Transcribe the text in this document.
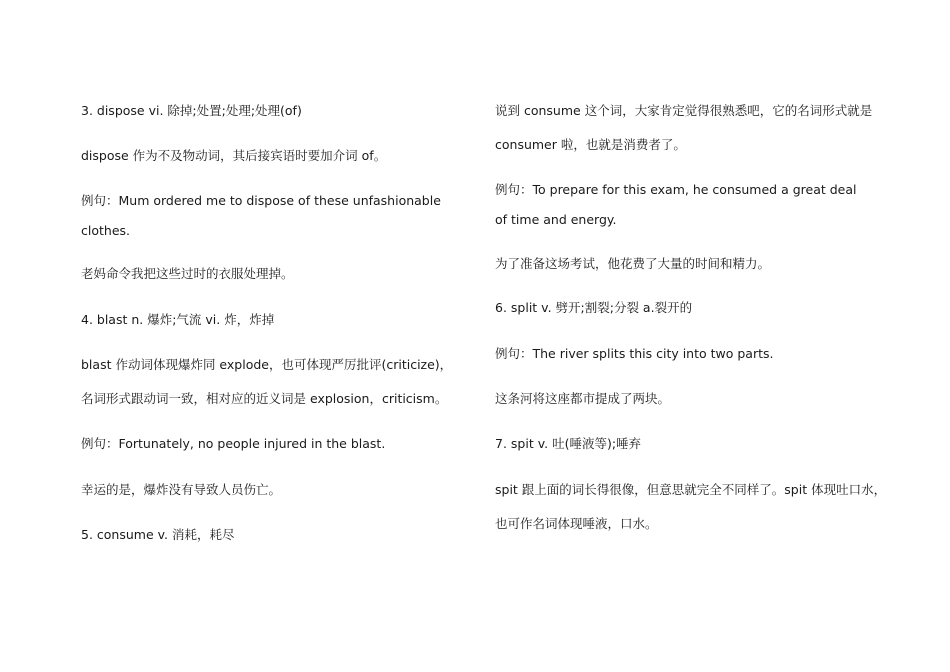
3. dispose vi. 除掉;处置;处理;处理(of)
dispose 作为不及物动词，其后接宾语时要加介词 of。
例句：Mum ordered me to dispose of these unfashionable
clothes.
老妈命令我把这些过时的衣服处理掉。
4. blast n. 爆炸;气流 vi. 炸，炸掉
blast 作动词体现爆炸同 explode，也可体现严厉批评(criticize)，
名词形式跟动词一致，相对应的近义词是 explosion，criticism。
例句：Fortunately, no people injured in the blast.
幸运的是，爆炸没有导致人员伤亡。
5. consume v. 消耗，耗尽
说到 consume 这个词，大家肯定觉得很熟悉吧，它的名词形式就是
consumer 啦，也就是消费者了。
例句：To prepare for this exam, he consumed a great deal
of time and energy.
为了准备这场考试，他花费了大量的时间和精力。
6. split v. 劈开;割裂;分裂 a.裂开的
例句：The river splits this city into two parts.
这条河将这座都市提成了两块。
7. spit v. 吐(唾液等);唾弃
spit 跟上面的词长得很像，但意思就完全不同样了。spit 体现吐口水，
也可作名词体现唾液，口水。
